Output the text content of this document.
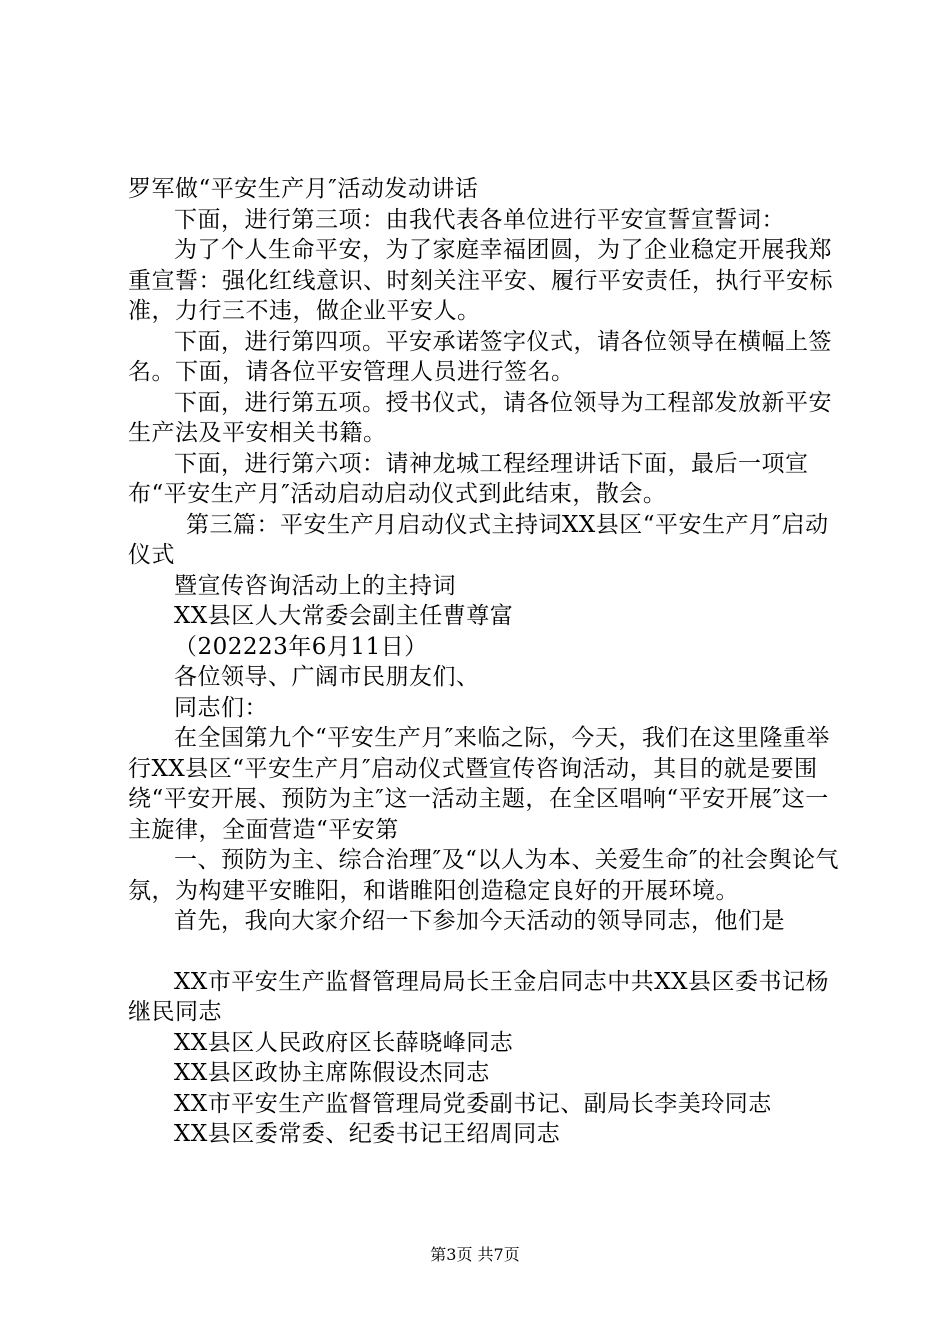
罗军做“平安生产月″活动发动讲话

下面，进行第三项：由我代表各单位进行平安宣誓宣誓词：

为了个人生命平安，为了家庭幸福团圆，为了企业稳定开展我郑重宣誓：强化红线意识、时刻关注平安、履行平安责任，执行平安标准，力行三不违，做企业平安人。

下面，进行第四项。平安承诺签字仪式，请各位领导在横幅上签名。下面，请各位平安管理人员进行签名。

下面，进行第五项。授书仪式，请各位领导为工程部发放新平安生产法及平安相关书籍。

下面，进行第六项：请神龙城工程经理讲话下面，最后一项宣布“平安生产月″活动启动启动仪式到此结束，散会。

第三篇：平安生产月启动仪式主持词XX县区“平安生产月″启动仪式

暨宣传咨询活动上的主持词

XX县区人大常委会副主任曹尊富

（202223年6月11日）

各位领导、广阔市民朋友们、

同志们：

在全国第九个“平安生产月″来临之际，今天，我们在这里隆重举行XX县区“平安生产月″启动仪式暨宣传咨询活动，其目的就是要围绕“平安开展、预防为主″这一活动主题，在全区唱响“平安开展″这一主旋律，全面营造“平安第

一、预防为主、综合治理″及“以人为本、关爱生命″的社会舆论气氛，为构建平安睢阳，和谐睢阳创造稳定良好的开展环境。

首先，我向大家介绍一下参加今天活动的领导同志，他们是

XX市平安生产监督管理局局长王金启同志中共XX县区委书记杨继民同志

XX县区人民政府区长薛晓峰同志

XX县区政协主席陈假设杰同志

XX市平安生产监督管理局党委副书记、副局长李美玲同志

XX县区委常委、纪委书记王绍周同志

第3页 共7页
